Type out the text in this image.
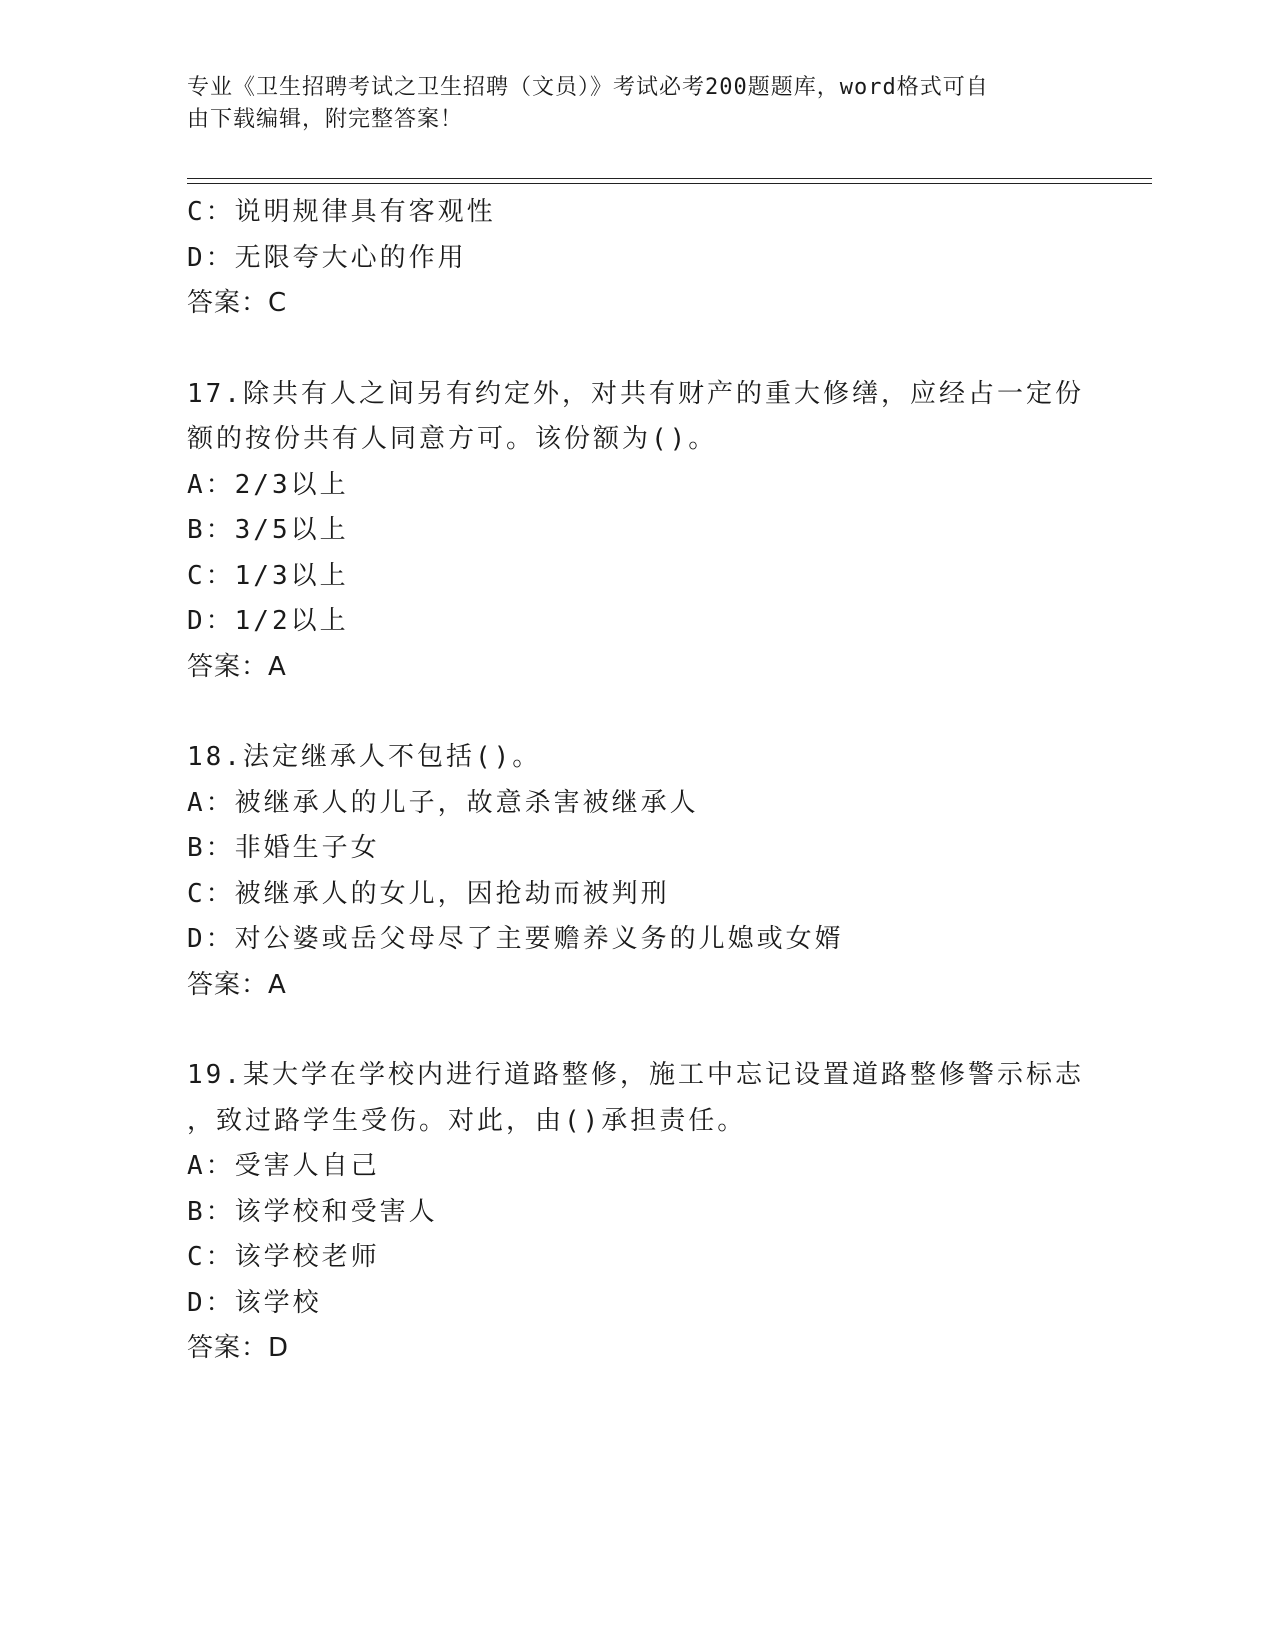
专业《卫生招聘考试之卫生招聘（文员）》考试必考200题题库，word格式可自
由下载编辑，附完整答案！
C：说明规律具有客观性
D：无限夸大心的作用
答案：C
17.除共有人之间另有约定外，对共有财产的重大修缮，应经占一定份
额的按份共有人同意方可。该份额为()。
A：2/3以上
B：3/5以上
C：1/3以上
D：1/2以上
答案：A
18.法定继承人不包括()。
A：被继承人的儿子，故意杀害被继承人
B：非婚生子女
C：被继承人的女儿，因抢劫而被判刑
D：对公婆或岳父母尽了主要赡养义务的儿媳或女婿
答案：A
19.某大学在学校内进行道路整修，施工中忘记设置道路整修警示标志
，致过路学生受伤。对此，由()承担责任。
A：受害人自己
B：该学校和受害人
C：该学校老师
D：该学校
答案：D
